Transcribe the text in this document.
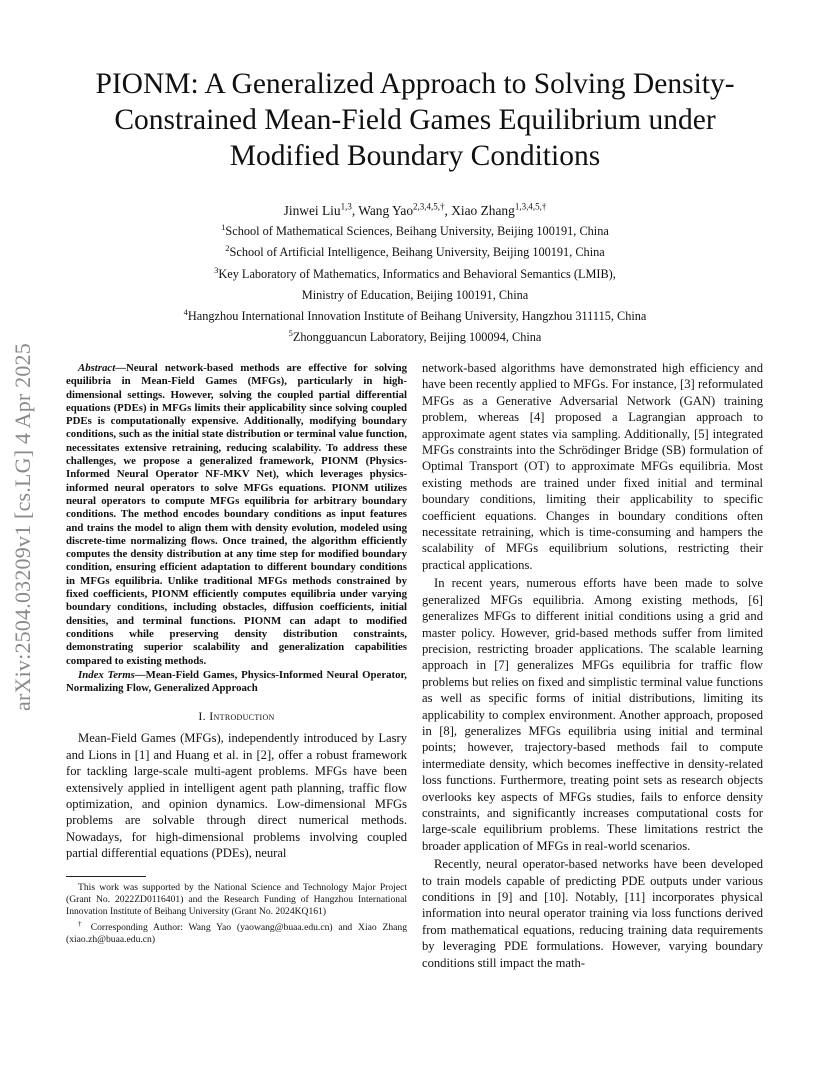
arXiv:2504.03209v1 [cs.LG] 4 Apr 2025
PIONM: A Generalized Approach to Solving Density-Constrained Mean-Field Games Equilibrium under Modified Boundary Conditions
Jinwei Liu$^{1,3}$, Wang Yao$^{2,3,4,5,\dagger}$, Xiao Zhang$^{1,3,4,5,\dagger}$
$^1$School of Mathematical Sciences, Beihang University, Beijing 100191, China
$^2$School of Artificial Intelligence, Beihang University, Beijing 100191, China
$^3$Key Laboratory of Mathematics, Informatics and Behavioral Semantics (LMIB),
Ministry of Education, Beijing 100191, China
$^4$Hangzhou International Innovation Institute of Beihang University, Hangzhou 311115, China
$^5$Zhongguancun Laboratory, Beijing 100094, China

Abstract—Neural network-based methods are effective for solving equilibria in Mean-Field Games (MFGs), particularly in high-dimensional settings. However, solving the coupled partial differential equations (PDEs) in MFGs limits their applicability since solving coupled PDEs is computationally expensive. Additionally, modifying boundary conditions, such as the initial state distribution or terminal value function, necessitates extensive retraining, reducing scalability. To address these challenges, we propose a generalized framework, PIONM (Physics-Informed Neural Operator NF-MKV Net), which leverages physics-informed neural operators to solve MFGs equations. PIONM utilizes neural operators to compute MFGs equilibria for arbitrary boundary conditions. The method encodes boundary conditions as input features and trains the model to align them with density evolution, modeled using discrete-time normalizing flows. Once trained, the algorithm efficiently computes the density distribution at any time step for modified boundary condition, ensuring efficient adaptation to different boundary conditions in MFGs equilibria. Unlike traditional MFGs methods constrained by fixed coefficients, PIONM efficiently computes equilibria under varying boundary conditions, including obstacles, diffusion coefficients, initial densities, and terminal functions. PIONM can adapt to modified conditions while preserving density distribution constraints, demonstrating superior scalability and generalization capabilities compared to existing methods.

Index Terms—Mean-Field Games, Physics-Informed Neural Operator, Normalizing Flow, Generalized Approach

I. Introduction

Mean-Field Games (MFGs), independently introduced by Lasry and Lions in [1] and Huang et al. in [2], offer a robust framework for tackling large-scale multi-agent problems. MFGs have been extensively applied in intelligent agent path planning, traffic flow optimization, and opinion dynamics. Low-dimensional MFGs problems are solvable through direct numerical methods. Nowadays, for high-dimensional problems involving coupled partial differential equations (PDEs), neural

This work was supported by the National Science and Technology Major Project (Grant No. 2022ZD0116401) and the Research Funding of Hangzhou International Innovation Institute of Beihang University (Grant No. 2024KQ161)

† Corresponding Author: Wang Yao (yaowang@buaa.edu.cn) and Xiao Zhang (xiao.zh@buaa.edu.cn)

network-based algorithms have demonstrated high efficiency and have been recently applied to MFGs. For instance, [3] reformulated MFGs as a Generative Adversarial Network (GAN) training problem, whereas [4] proposed a Lagrangian approach to approximate agent states via sampling. Additionally, [5] integrated MFGs constraints into the Schrödinger Bridge (SB) formulation of Optimal Transport (OT) to approximate MFGs equilibria. Most existing methods are trained under fixed initial and terminal boundary conditions, limiting their applicability to specific coefficient equations. Changes in boundary conditions often necessitate retraining, which is time-consuming and hampers the scalability of MFGs equilibrium solutions, restricting their practical applications.

In recent years, numerous efforts have been made to solve generalized MFGs equilibria. Among existing methods, [6] generalizes MFGs to different initial conditions using a grid and master policy. However, grid-based methods suffer from limited precision, restricting broader applications. The scalable learning approach in [7] generalizes MFGs equilibria for traffic flow problems but relies on fixed and simplistic terminal value functions as well as specific forms of initial distributions, limiting its applicability to complex environment. Another approach, proposed in [8], generalizes MFGs equilibria using initial and terminal points; however, trajectory-based methods fail to compute intermediate density, which becomes ineffective in density-related loss functions. Furthermore, treating point sets as research objects overlooks key aspects of MFGs studies, fails to enforce density constraints, and significantly increases computational costs for large-scale equilibrium problems. These limitations restrict the broader application of MFGs in real-world scenarios.

Recently, neural operator-based networks have been developed to train models capable of predicting PDE outputs under various conditions in [9] and [10]. Notably, [11] incorporates physical information into neural operator training via loss functions derived from mathematical equations, reducing training data requirements by leveraging PDE formulations. However, varying boundary conditions still impact the math-
